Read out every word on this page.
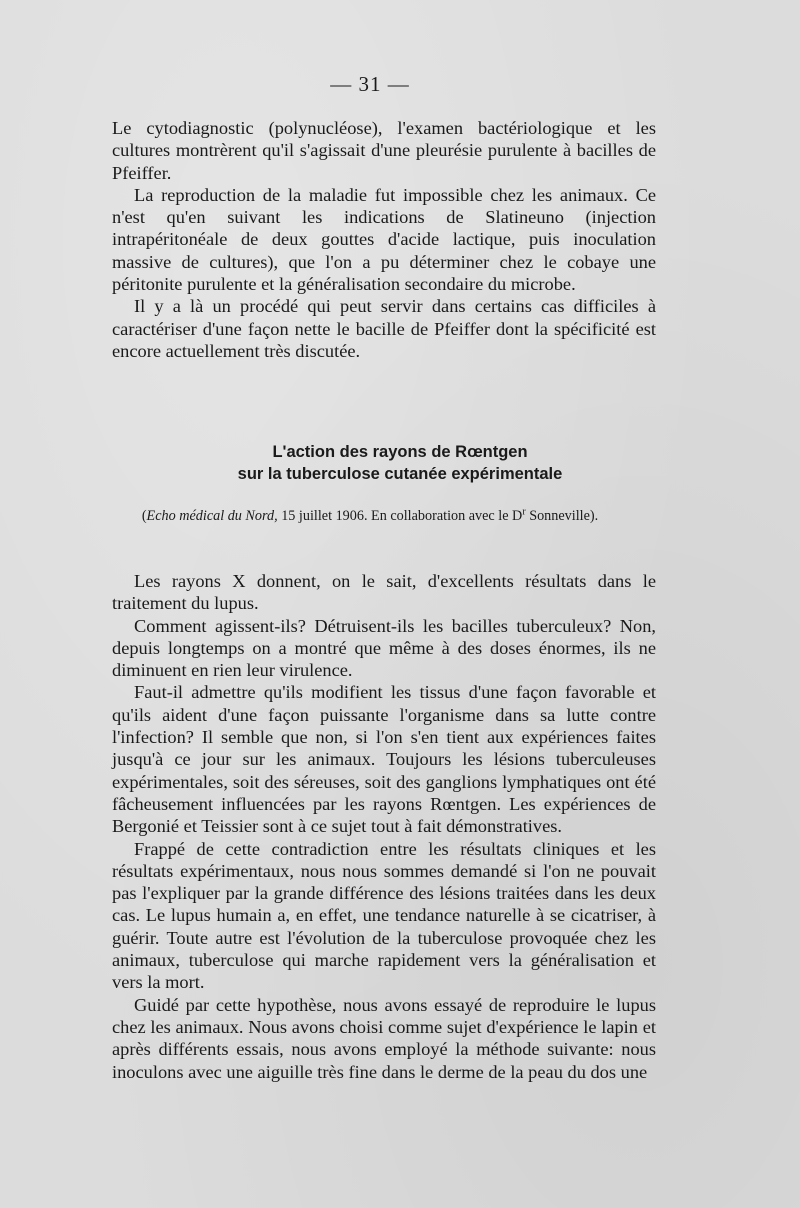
— 31 —

Le cytodiagnostic (polynucléose), l'examen bactériologique et les cultures montrèrent qu'il s'agissait d'une pleurésie purulente à bacilles de Pfeiffer.

La reproduction de la maladie fut impossible chez les animaux. Ce n'est qu'en suivant les indications de Slatineuno (injection intrapéritonéale de deux gouttes d'acide lactique, puis inoculation massive de cultures), que l'on a pu déterminer chez le cobaye une péritonite purulente et la généralisation secondaire du microbe.

Il y a là un procédé qui peut servir dans certains cas difficiles à caractériser d'une façon nette le bacille de Pfeiffer dont la spécificité est encore actuellement très discutée.

L'action des rayons de Rœntgen
sur la tuberculose cutanée expérimentale
(Echo médical du Nord, 15 juillet 1906. En collaboration avec le $D^r$ Sonneville).

Les rayons X donnent, on le sait, d'excellents résultats dans le traitement du lupus.

Comment agissent-ils? Détruisent-ils les bacilles tuberculeux? Non, depuis longtemps on a montré que même à des doses énormes, ils ne diminuent en rien leur virulence.

Faut-il admettre qu'ils modifient les tissus d'une façon favorable et qu'ils aident d'une façon puissante l'organisme dans sa lutte contre l'infection? Il semble que non, si l'on s'en tient aux expériences faites jusqu'à ce jour sur les animaux. Toujours les lésions tuberculeuses expérimentales, soit des séreuses, soit des ganglions lymphatiques ont été fâcheusement influencées par les rayons Rœntgen. Les expériences de Bergonié et Teissier sont à ce sujet tout à fait démonstratives.

Frappé de cette contradiction entre les résultats cliniques et les résultats expérimentaux, nous nous sommes demandé si l'on ne pouvait pas l'expliquer par la grande différence des lésions traitées dans les deux cas. Le lupus humain a, en effet, une tendance naturelle à se cicatriser, à guérir. Toute autre est l'évolution de la tuberculose provoquée chez les animaux, tuberculose qui marche rapidement vers la généralisation et vers la mort.

Guidé par cette hypothèse, nous avons essayé de reproduire le lupus chez les animaux. Nous avons choisi comme sujet d'expérience le lapin et après différents essais, nous avons employé la méthode suivante: nous inoculons avec une aiguille très fine dans le derme de la peau du dos une
